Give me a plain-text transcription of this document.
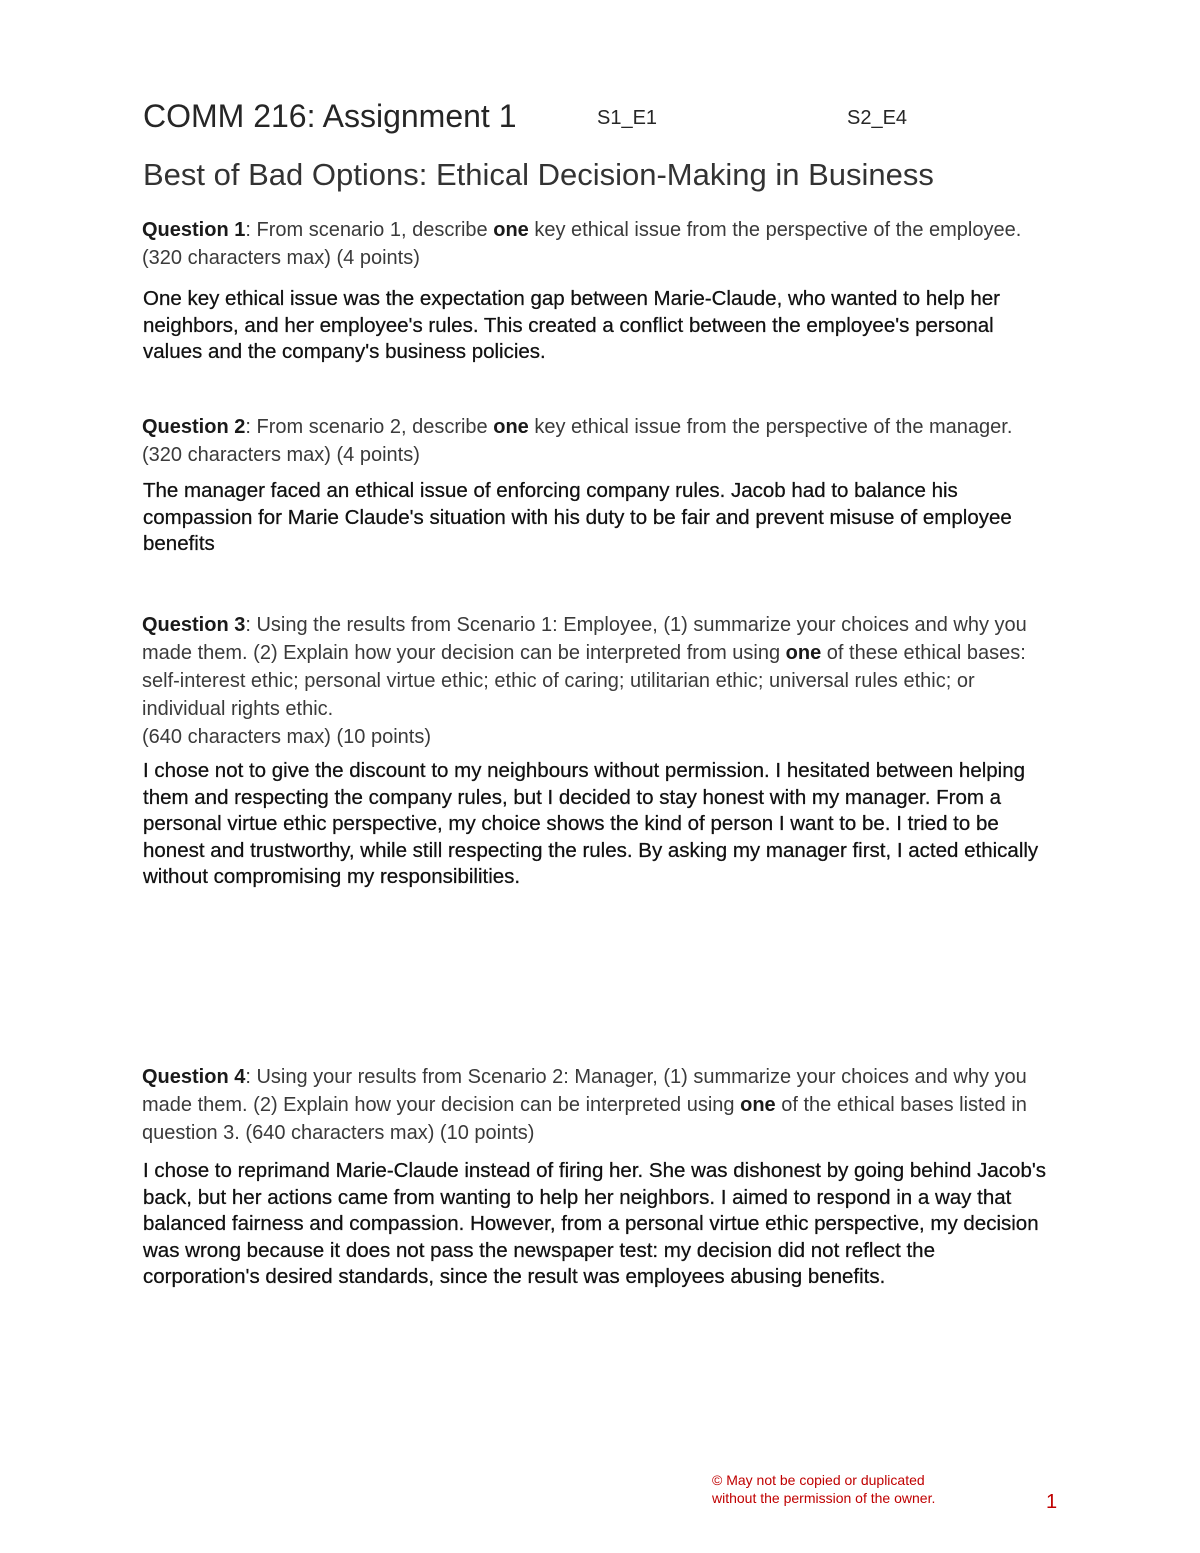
COMM 216: Assignment 1	S1_E1	S2_E4
Best of Bad Options: Ethical Decision-Making in Business
Question 1: From scenario 1, describe one key ethical issue from the perspective of the employee. (320 characters max) (4 points)
One key ethical issue was the expectation gap between Marie-Claude, who wanted to help her neighbors, and her employee's rules. This created a conflict between the employee's personal values and the company's business policies.
Question 2: From scenario 2, describe one key ethical issue from the perspective of the manager. (320 characters max) (4 points)
The manager faced an ethical issue of enforcing company rules. Jacob had to balance his compassion for Marie Claude's situation with his duty to be fair and prevent misuse of employee benefits
Question 3: Using the results from Scenario 1: Employee, (1) summarize your choices and why you made them. (2) Explain how your decision can be interpreted from using one of these ethical bases: self-interest ethic; personal virtue ethic; ethic of caring; utilitarian ethic; universal rules ethic; or individual rights ethic.
(640 characters max) (10 points)
I chose not to give the discount to my neighbours without permission. I hesitated between helping them and respecting the company rules, but I decided to stay honest with my manager. From a personal virtue ethic perspective, my choice shows the kind of person I want to be. I tried to be honest and trustworthy, while still respecting the rules. By asking my manager first, I acted ethically without compromising my responsibilities.
Question 4: Using your results from Scenario 2: Manager, (1) summarize your choices and why you made them. (2) Explain how your decision can be interpreted using one of the ethical bases listed in question 3. (640 characters max) (10 points)
I chose to reprimand Marie-Claude instead of firing her. She was dishonest by going behind Jacob's back, but her actions came from wanting to help her neighbors. I aimed to respond in a way that balanced fairness and compassion. However, from a personal virtue ethic perspective, my decision was wrong because it does not pass the newspaper test: my decision did not reflect the corporation's desired standards, since the result was employees abusing benefits.
© May not be copied or duplicated
without the permission of the owner.	1
